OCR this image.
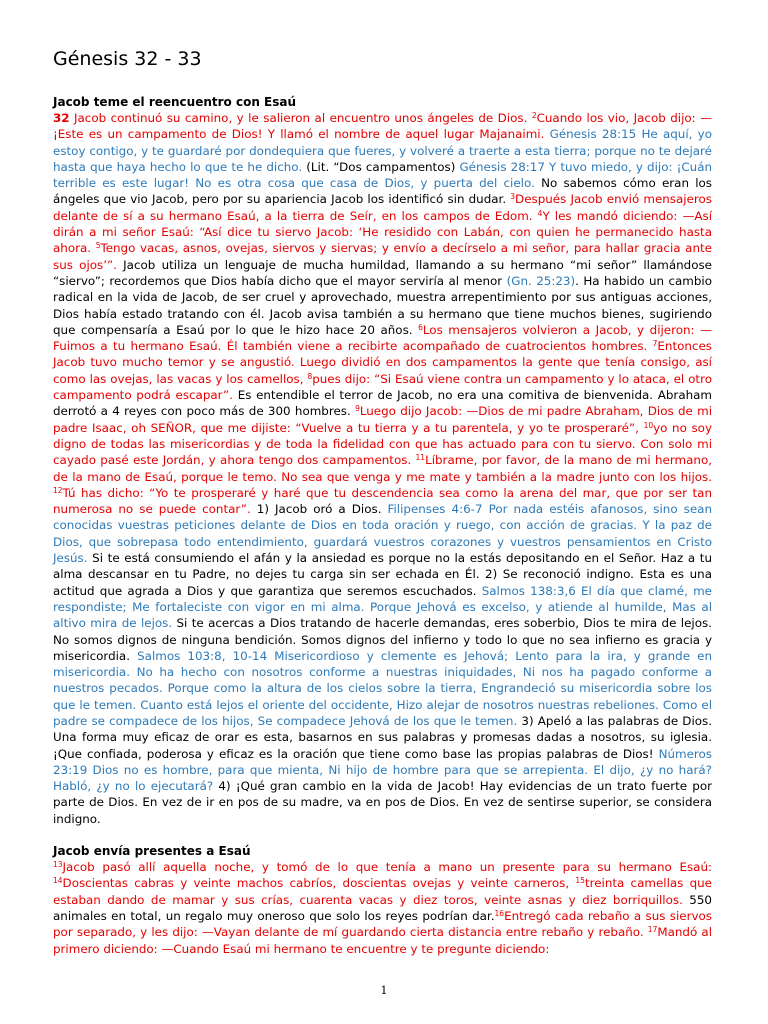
Génesis 32 - 33
Jacob teme el reencuentro con Esaú

32 Jacob continuó su camino, y le salieron al encuentro unos ángeles de Dios. $^2$Cuando los vio, Jacob dijo: —¡Este es un campamento de Dios! Y llamó el nombre de aquel lugar Majanaimi. Génesis 28:15 He aquí, yo estoy contigo, y te guardaré por dondequiera que fueres, y volveré a traerte a esta tierra; porque no te dejaré hasta que haya hecho lo que te he dicho. (Lit. “Dos campamentos) Génesis 28:17 Y tuvo miedo, y dijo: ¡Cuán terrible es este lugar! No es otra cosa que casa de Dios, y puerta del cielo. No sabemos cómo eran los ángeles que vio Jacob, pero por su apariencia Jacob los identificó sin dudar. $^3$Después Jacob envió mensajeros delante de sí a su hermano Esaú, a la tierra de Seír, en los campos de Edom. $^4$Y les mandó diciendo: —Así dirán a mi señor Esaú: “Así dice tu siervo Jacob: ‘He residido con Labán, con quien he permanecido hasta ahora. $^5$Tengo vacas, asnos, ovejas, siervos y siervas; y envío a decírselo a mi señor, para hallar gracia ante sus ojos’”. Jacob utiliza un lenguaje de mucha humildad, llamando a su hermano “mi señor” llamándose “siervo”; recordemos que Dios había dicho que el mayor serviría al menor (Gn. 25:23). Ha habido un cambio radical en la vida de Jacob, de ser cruel y aprovechado, muestra arrepentimiento por sus antiguas acciones, Dios había estado tratando con él. Jacob avisa también a su hermano que tiene muchos bienes, sugiriendo que compensaría a Esaú por lo que le hizo hace 20 años. $^6$Los mensajeros volvieron a Jacob, y dijeron: —Fuimos a tu hermano Esaú. Él también viene a recibirte acompañado de cuatrocientos hombres. $^7$Entonces Jacob tuvo mucho temor y se angustió. Luego dividió en dos campamentos la gente que tenía consigo, así como las ovejas, las vacas y los camellos, $^8$pues dijo: “Si Esaú viene contra un campamento y lo ataca, el otro campamento podrá escapar”. Es entendible el terror de Jacob, no era una comitiva de bienvenida. Abraham derrotó a 4 reyes con poco más de 300 hombres. $^9$Luego dijo Jacob: —Dios de mi padre Abraham, Dios de mi padre Isaac, oh SEÑOR, que me dijiste: “Vuelve a tu tierra y a tu parentela, y yo te prosperaré”, $^{10}$yo no soy digno de todas las misericordias y de toda la fidelidad con que has actuado para con tu siervo. Con solo mi cayado pasé este Jordán, y ahora tengo dos campamentos. $^{11}$Líbrame, por favor, de la mano de mi hermano, de la mano de Esaú, porque le temo. No sea que venga y me mate y también a la madre junto con los hijos. $^{12}$Tú has dicho: “Yo te prosperaré y haré que tu descendencia sea como la arena del mar, que por ser tan numerosa no se puede contar”. 1) Jacob oró a Dios. Filipenses 4:6-7 Por nada estéis afanosos, sino sean conocidas vuestras peticiones delante de Dios en toda oración y ruego, con acción de gracias. Y la paz de Dios, que sobrepasa todo entendimiento, guardará vuestros corazones y vuestros pensamientos en Cristo Jesús. Si te está consumiendo el afán y la ansiedad es porque no la estás depositando en el Señor. Haz a tu alma descansar en tu Padre, no dejes tu carga sin ser echada en Él. 2) Se reconoció indigno. Esta es una actitud que agrada a Dios y que garantiza que seremos escuchados. Salmos 138:3,6 El día que clamé, me respondiste; Me fortaleciste con vigor en mi alma. Porque Jehová es excelso, y atiende al humilde, Mas al altivo mira de lejos. Si te acercas a Dios tratando de hacerle demandas, eres soberbio, Dios te mira de lejos. No somos dignos de ninguna bendición. Somos dignos del infierno y todo lo que no sea infierno es gracia y misericordia. Salmos 103:8, 10-14 Misericordioso y clemente es Jehová; Lento para la ira, y grande en misericordia. No ha hecho con nosotros conforme a nuestras iniquidades, Ni nos ha pagado conforme a nuestros pecados. Porque como la altura de los cielos sobre la tierra, Engrandeció su misericordia sobre los que le temen. Cuanto está lejos el oriente del occidente, Hizo alejar de nosotros nuestras rebeliones. Como el padre se compadece de los hijos, Se compadece Jehová de los que le temen. 3) Apeló a las palabras de Dios. Una forma muy eficaz de orar es esta, basarnos en sus palabras y promesas dadas a nosotros, su iglesia. ¡Que confiada, poderosa y eficaz es la oración que tiene como base las propias palabras de Dios! Números 23:19 Dios no es hombre, para que mienta, Ni hijo de hombre para que se arrepienta. El dijo, ¿y no hará? Habló, ¿y no lo ejecutará? 4) ¡Qué gran cambio en la vida de Jacob! Hay evidencias de un trato fuerte por parte de Dios. En vez de ir en pos de su madre, va en pos de Dios. En vez de sentirse superior, se considera indigno.

Jacob envía presentes a Esaú

$^{13}$Jacob pasó allí aquella noche, y tomó de lo que tenía a mano un presente para su hermano Esaú: $^{14}$Doscientas cabras y veinte machos cabríos, doscientas ovejas y veinte carneros, $^{15}$treinta camellas que estaban dando de mamar y sus crías, cuarenta vacas y diez toros, veinte asnas y diez borriquillos. 550 animales en total, un regalo muy oneroso que solo los reyes podrían dar.$^{16}$Entregó cada rebaño a sus siervos por separado, y les dijo: —Vayan delante de mí guardando cierta distancia entre rebaño y rebaño. $^{17}$Mandó al primero diciendo: —Cuando Esaú mi hermano te encuentre y te pregunte diciendo:

1
